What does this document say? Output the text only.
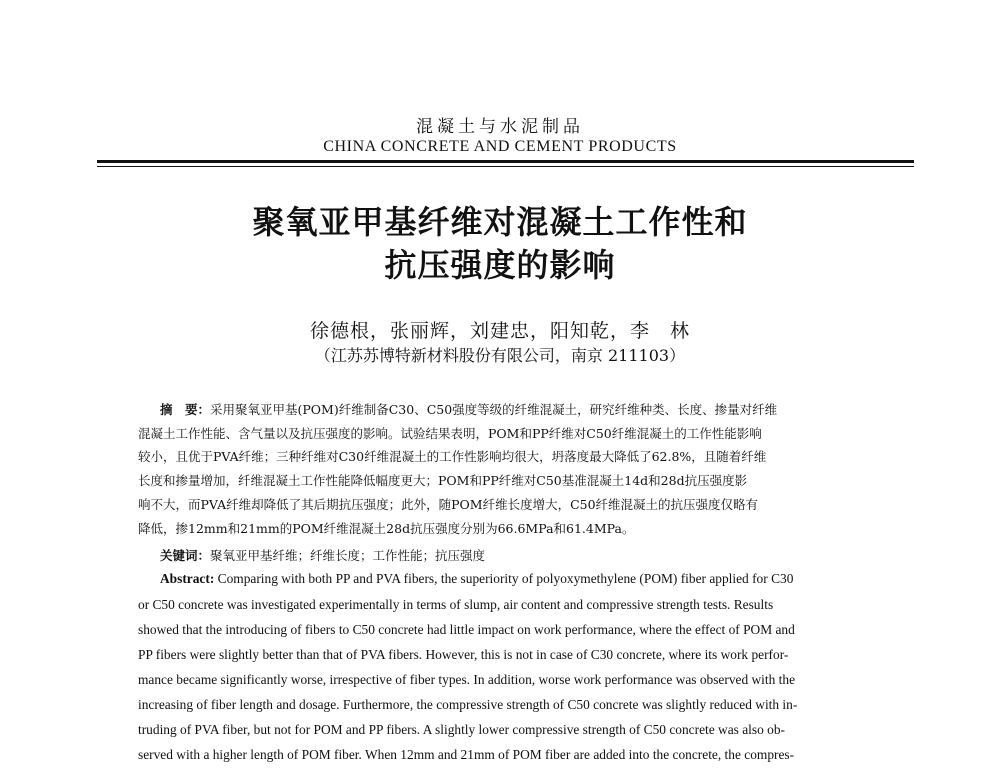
混凝土与水泥制品
CHINA CONCRETE AND CEMENT PRODUCTS
聚氧亚甲基纤维对混凝土工作性和
抗压强度的影响
徐德根，张丽辉，刘建忠，阳知乾，李　林
（江苏苏博特新材料股份有限公司，南京 211103）
摘　要：采用聚氧亚甲基(POM)纤维制备C30、C50强度等级的纤维混凝土，研究纤维种类、长度、掺量对纤维
混凝土工作性能、含气量以及抗压强度的影响。试验结果表明，POM和PP纤维对C50纤维混凝土的工作性能影响
较小，且优于PVA纤维；三种纤维对C30纤维混凝土的工作性影响均很大，坍落度最大降低了62.8%，且随着纤维
长度和掺量增加，纤维混凝土工作性能降低幅度更大；POM和PP纤维对C50基准混凝土14d和28d抗压强度影
响不大，而PVA纤维却降低了其后期抗压强度；此外，随POM纤维长度增大，C50纤维混凝土的抗压强度仅略有
降低，掺12mm和21mm的POM纤维混凝土28d抗压强度分别为66.6MPa和61.4MPa。
关键词：聚氧亚甲基纤维；纤维长度；工作性能；抗压强度
Abstract: Comparing with both PP and PVA fibers, the superiority of polyoxymethylene (POM) fiber applied for C30
or C50 concrete was investigated experimentally in terms of slump, air content and compressive strength tests. Results
showed that the introducing of fibers to C50 concrete had little impact on work performance, where the effect of POM and
PP fibers were slightly better than that of PVA fibers. However, this is not in case of C30 concrete, where its work perfor-
mance became significantly worse, irrespective of fiber types. In addition, worse work performance was observed with the
increasing of fiber length and dosage. Furthermore, the compressive strength of C50 concrete was slightly reduced with in-
truding of PVA fiber, but not for POM and PP fibers. A slightly lower compressive strength of C50 concrete was also ob-
served with a higher length of POM fiber. When 12mm and 21mm of POM fiber are added into the concrete, the compres-
